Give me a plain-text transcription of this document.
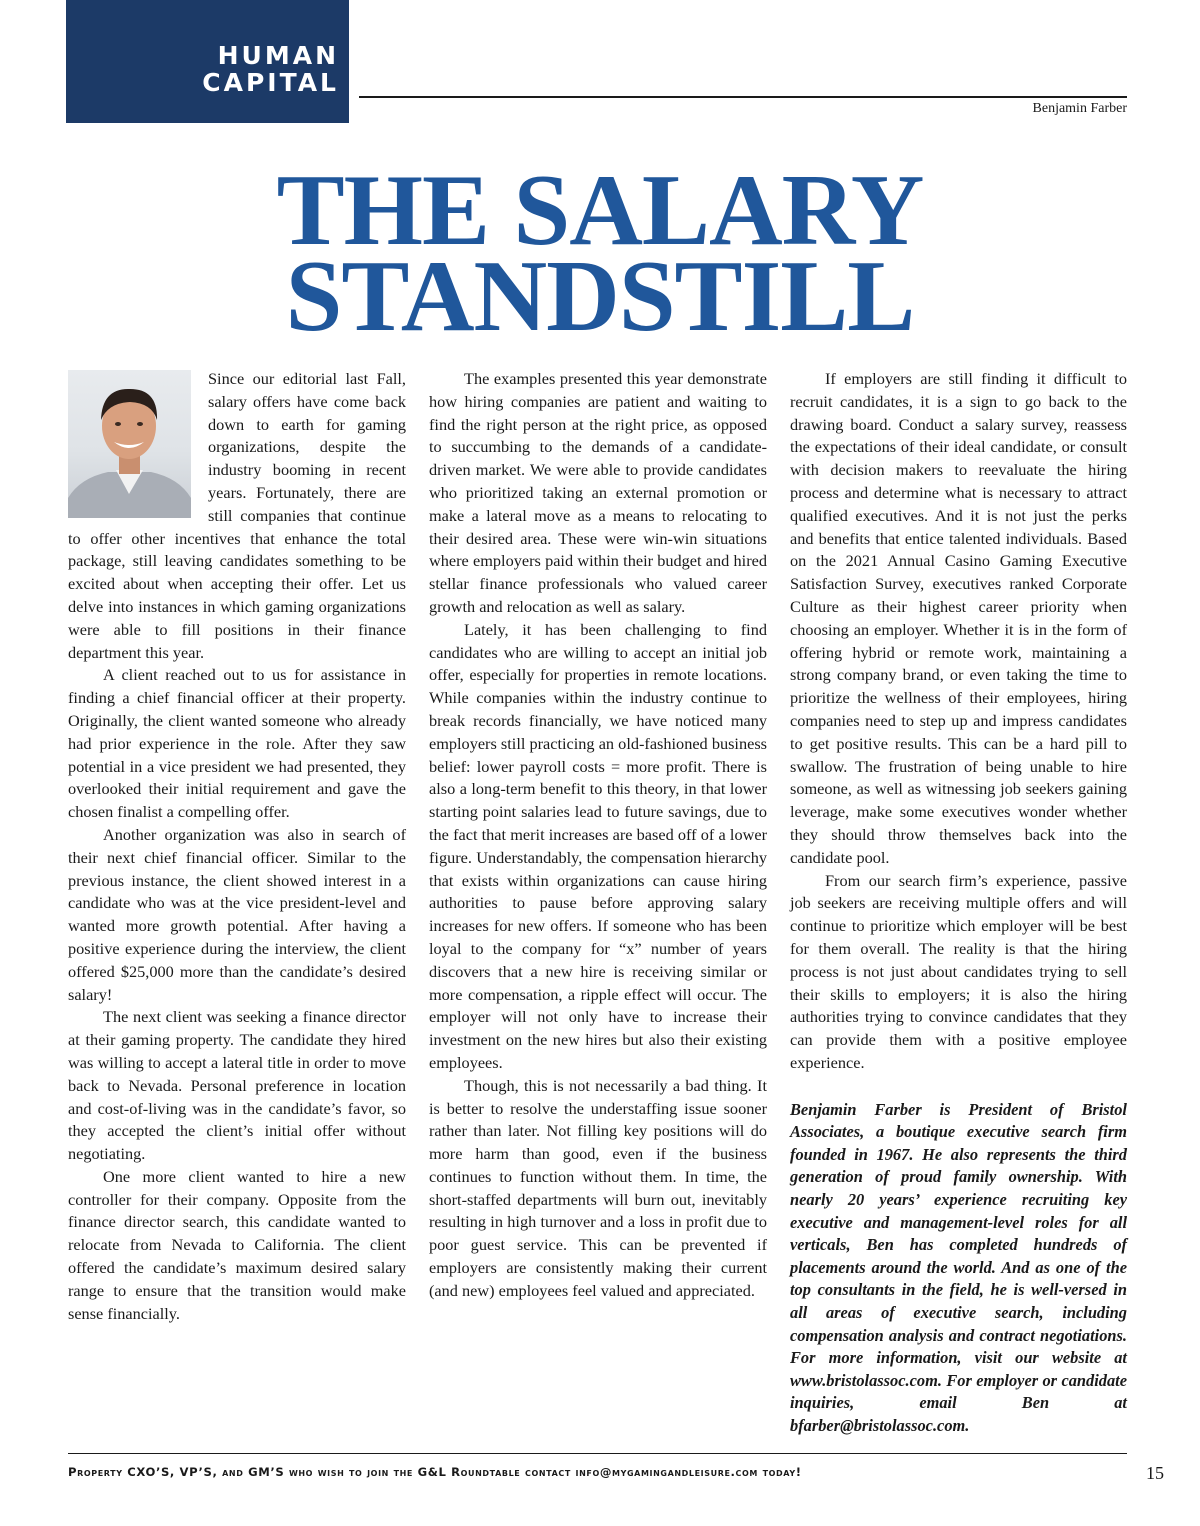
HUMAN
CAPITAL
Benjamin Farber
THE SALARY
STANDSTILL

Since our editorial last Fall, salary offers have come back down to earth for gaming organizations, despite the industry booming in recent years. Fortunately, there are still companies that continue to offer other incentives that enhance the total package, still leaving candidates something to be excited about when accepting their offer. Let us delve into instances in which gaming organizations were able to fill positions in their finance department this year.

A client reached out to us for assistance in finding a chief financial officer at their property. Originally, the client wanted someone who already had prior experience in the role. After they saw potential in a vice president we had presented, they overlooked their initial requirement and gave the chosen finalist a compelling offer.

Another organization was also in search of their next chief financial officer. Similar to the previous instance, the client showed interest in a candidate who was at the vice president-level and wanted more growth potential. After having a positive experience during the interview, the client offered $25,000 more than the candidate’s desired salary!

The next client was seeking a finance director at their gaming property. The candidate they hired was willing to accept a lateral title in order to move back to Nevada. Personal preference in location and cost-of-living was in the candidate’s favor, so they accepted the client’s initial offer without negotiating.

One more client wanted to hire a new controller for their company. Opposite from the finance director search, this candidate wanted to relocate from Nevada to California. The client offered the candidate’s maximum desired salary range to ensure that the transition would make sense financially.

The examples presented this year demonstrate how hiring companies are patient and waiting to find the right person at the right price, as opposed to succumbing to the demands of a candidate-driven market. We were able to provide candidates who prioritized taking an external promotion or make a lateral move as a means to relocating to their desired area. These were win-win situations where employers paid within their budget and hired stellar finance professionals who valued career growth and relocation as well as salary.

Lately, it has been challenging to find candidates who are willing to accept an initial job offer, especially for properties in remote locations. While companies within the industry continue to break records financially, we have noticed many employers still practicing an old-fashioned business belief: lower payroll costs = more profit. There is also a long-term benefit to this theory, in that lower starting point salaries lead to future savings, due to the fact that merit increases are based off of a lower figure. Understandably, the compensation hierarchy that exists within organizations can cause hiring authorities to pause before approving salary increases for new offers. If someone who has been loyal to the company for “x” number of years discovers that a new hire is receiving similar or more compensation, a ripple effect will occur. The employer will not only have to increase their investment on the new hires but also their existing employees.

Though, this is not necessarily a bad thing. It is better to resolve the understaffing issue sooner rather than later. Not filling key positions will do more harm than good, even if the business continues to function without them. In time, the short-staffed departments will burn out, inevitably resulting in high turnover and a loss in profit due to poor guest service. This can be prevented if employers are consistently making their current (and new) employees feel valued and appreciated.

If employers are still finding it difficult to recruit candidates, it is a sign to go back to the drawing board. Conduct a salary survey, reassess the expectations of their ideal candidate, or consult with decision makers to reevaluate the hiring process and determine what is necessary to attract qualified executives. And it is not just the perks and benefits that entice talented individuals. Based on the 2021 Annual Casino Gaming Executive Satisfaction Survey, executives ranked Corporate Culture as their highest career priority when choosing an employer. Whether it is in the form of offering hybrid or remote work, maintaining a strong company brand, or even taking the time to prioritize the wellness of their employees, hiring companies need to step up and impress candidates to get positive results. This can be a hard pill to swallow. The frustration of being unable to hire someone, as well as witnessing job seekers gaining leverage, make some executives wonder whether they should throw themselves back into the candidate pool.

From our search firm’s experience, passive job seekers are receiving multiple offers and will continue to prioritize which employer will be best for them overall. The reality is that the hiring process is not just about candidates trying to sell their skills to employers; it is also the hiring authorities trying to convince candidates that they can provide them with a positive employee experience.

Benjamin Farber is President of Bristol Associates, a boutique executive search firm founded in 1967. He also represents the third generation of proud family ownership. With nearly 20 years’ experience recruiting key executive and management-level roles for all verticals, Ben has completed hundreds of placements around the world. And as one of the top consultants in the field, he is well-versed in all areas of executive search, including compensation analysis and contract negotiations. For more information, visit our website at www.bristolassoc.com. For employer or candidate inquiries, email Ben at bfarber@bristolassoc.com.

Property CXO’S, VP’S, and GM’S who wish to join the G&L Roundtable contact info@mygamingandleisure.com today!	15
